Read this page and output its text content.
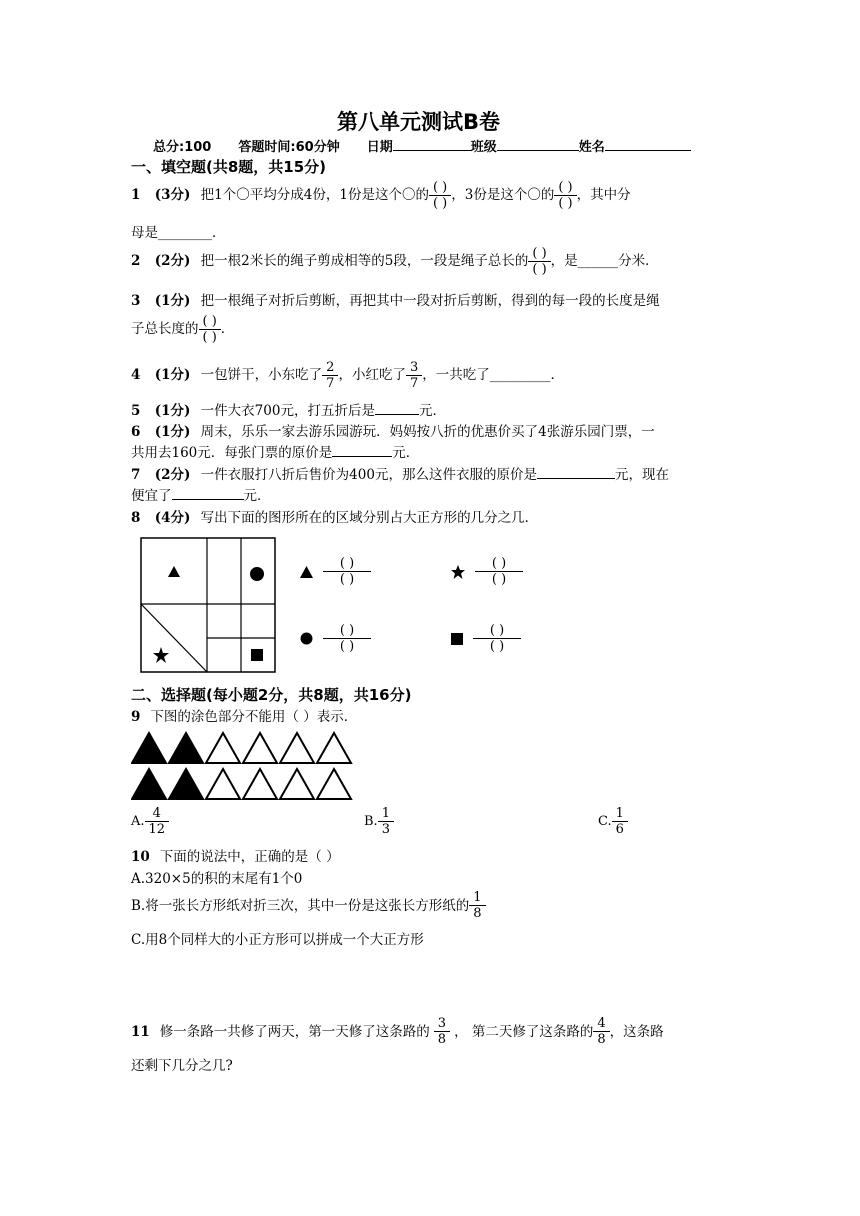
第八单元测试B卷
总分:100 答题时间:60分钟 日期	班级	姓名
一、填空题(共8题，共15分)
1 (3分) 把1个〇平均分成4份，1份是这个〇的 $\frac{( )}{( )}$ ，3份是这个〇的 $\frac{( )}{( )}$ ，其中分
母是________．
2 (2分) 把一根2米长的绳子剪成相等的5段，一段是绳子总长的 $\frac{( )}{( )}$ ，是______分米．
3 (1分) 把一根绳子对折后剪断，再把其中一段对折后剪断，得到的每一段的长度是绳
子总长度的 $\frac{( )}{( )}$ ．
4 (1分) 一包饼干，小东吃了 $\frac{2}{7}$ ，小红吃了 $\frac{3}{7}$ ，一共吃了_________．
5 (1分) 一件大衣700元，打五折后是	元．
6 (1分) 周末，乐乐一家去游乐园游玩．妈妈按八折的优惠价买了4张游乐园门票，一
共用去160元．每张门票的原价是	元．
7 (2分) 一件衣服打八折后售价为400元，那么这件衣服的原价是	元，现在
便宜了	元．
8 (4分) 写出下面的图形所在的区域分别占大正方形的几分之几．
$\frac{( )}{( )}$	$\frac{( )}{( )}$
$\frac{( )}{( )}$	$\frac{( )}{( )}$
二、选择题(每小题2分，共8题，共16分)
9 下图的涂色部分不能用（ ）表示．
A. $\frac{4}{12}$	B. $\frac{1}{3}$	C. $\frac{1}{6}$
10 下面的说法中，正确的是（ ）
A.320×5的积的末尾有1个0
B.将一张长方形纸对折三次，其中一份是这张长方形纸的 $\frac{1}{8}$
C.用8个同样大的小正方形可以拼成一个大正方形
11 修一条路一共修了两天，第一天修了这条路的 $\frac{3}{8}$ ， 第二天修了这条路的 $\frac{4}{8}$ ，这条路
还剩下几分之几?
